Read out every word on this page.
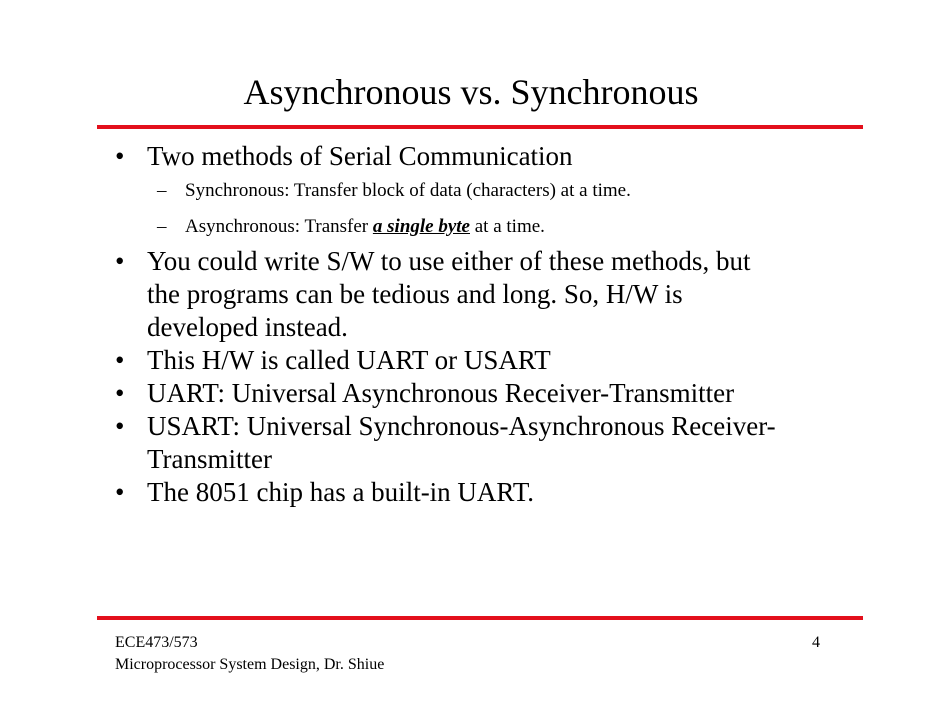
Asynchronous vs. Synchronous
• Two methods of Serial Communication
– Synchronous: Transfer block of data (characters) at a time.
– Asynchronous: Transfer a single byte at a time.
• You could write S/W to use either of these methods, but
the programs can be tedious and long. So, H/W is
developed instead.
• This H/W is called UART or USART
• UART: Universal Asynchronous Receiver-Transmitter
• USART: Universal Synchronous-Asynchronous Receiver-
Transmitter
• The 8051 chip has a built-in UART.
ECE473/573
Microprocessor System Design, Dr. Shiue
4
